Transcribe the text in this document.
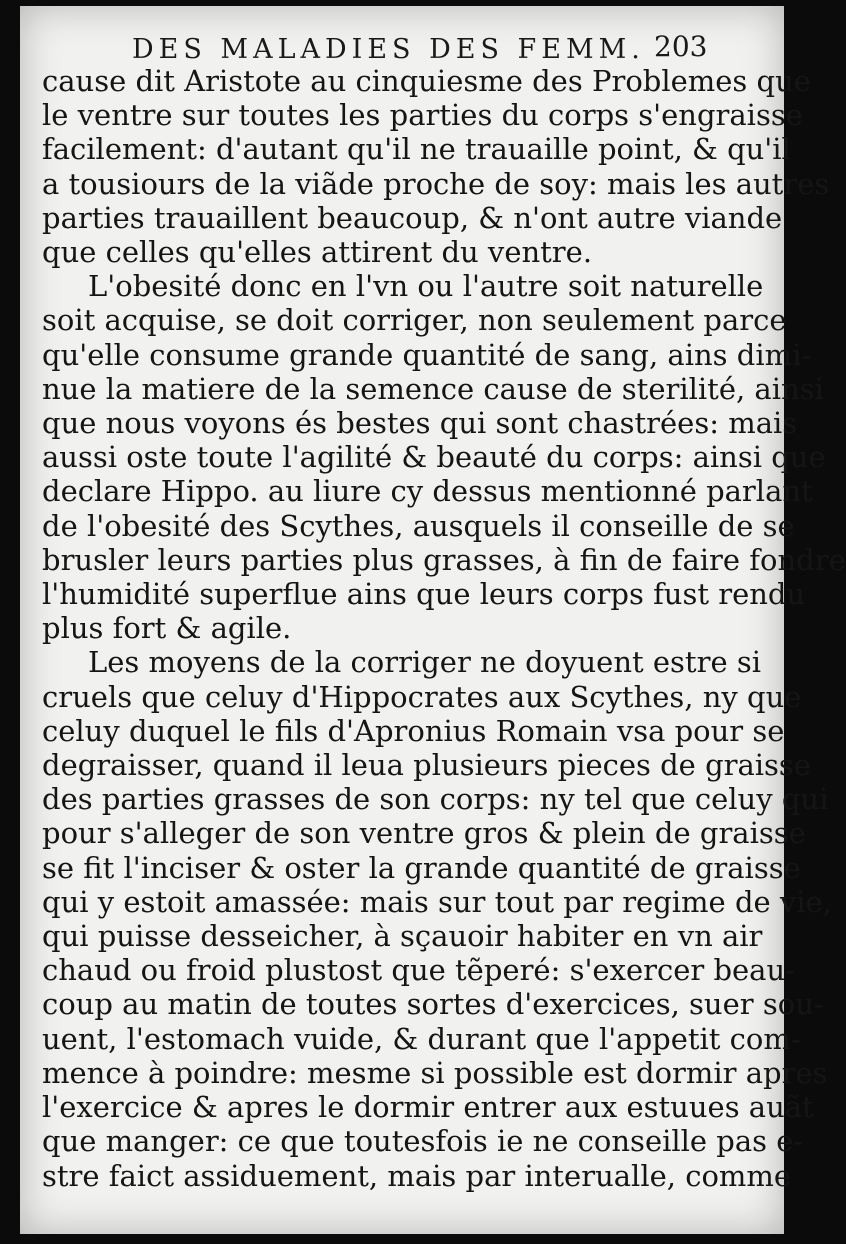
DES MALADIES DES FEMM. 203
cause dit Aristote au cinquiesme des Problemes que
le ventre sur toutes les parties du corps s'engraisse
facilement: d'autant qu'il ne trauaille point, & qu'il
a tousiours de la viãde proche de soy: mais les autres
parties trauaillent beaucoup, & n'ont autre viande
que celles qu'elles attirent du ventre.
L'obesité donc en l'vn ou l'autre soit naturelle
soit acquise, se doit corriger, non seulement parce
qu'elle consume grande quantité de sang, ains dimi-
nue la matiere de la semence cause de sterilité, ainsi
que nous voyons és bestes qui sont chastrées: mais
aussi oste toute l'agilité & beauté du corps: ainsi que
declare Hippo. au liure cy dessus mentionné parlant
de l'obesité des Scythes, ausquels il conseille de se
brusler leurs parties plus grasses, à fin de faire fondre
l'humidité superflue ains que leurs corps fust rendu
plus fort & agile.
Les moyens de la corriger ne doyuent estre si
cruels que celuy d'Hippocrates aux Scythes, ny que
celuy duquel le fils d'Apronius Romain vsa pour se
degraisser, quand il leua plusieurs pieces de graisse
des parties grasses de son corps: ny tel que celuy qui
pour s'alleger de son ventre gros & plein de graisse
se fit l'inciser & oster la grande quantité de graisse
qui y estoit amassée: mais sur tout par regime de vie,
qui puisse desseicher, à sçauoir habiter en vn air
chaud ou froid plustost que tẽperé: s'exercer beau-
coup au matin de toutes sortes d'exercices, suer sou-
uent, l'estomach vuide, & durant que l'appetit com-
mence à poindre: mesme si possible est dormir apres
l'exercice & apres le dormir entrer aux estuues auãt
que manger: ce que toutesfois ie ne conseille pas e-
stre faict assiduement, mais par interualle, comme
